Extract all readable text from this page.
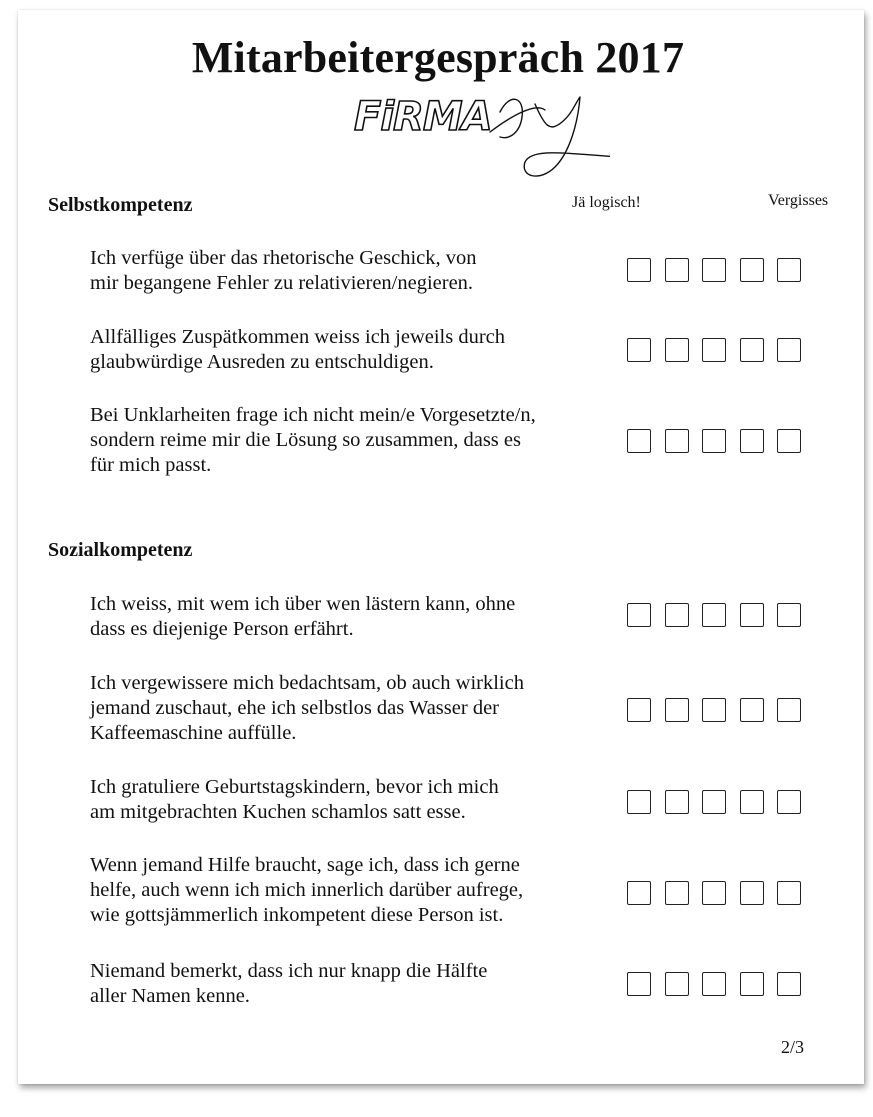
Mitarbeitergespräch 2017
FiRMA
xy
Selbstkompetenz	Jä logisch!	Vergisses
Ich verfüge über das rhetorische Geschick, von
mir begangene Fehler zu relativieren/negieren.
Allfälliges Zuspätkommen weiss ich jeweils durch
glaubwürdige Ausreden zu entschuldigen.
Bei Unklarheiten frage ich nicht mein/e Vorgesetzte/n,
sondern reime mir die Lösung so zusammen, dass es
für mich passt.
Sozialkompetenz
Ich weiss, mit wem ich über wen lästern kann, ohne
dass es diejenige Person erfährt.
Ich vergewissere mich bedachtsam, ob auch wirklich
jemand zuschaut, ehe ich selbstlos das Wasser der
Kaffeemaschine auffülle.
Ich gratuliere Geburtstagskindern, bevor ich mich
am mitgebrachten Kuchen schamlos satt esse.
Wenn jemand Hilfe braucht, sage ich, dass ich gerne
helfe, auch wenn ich mich innerlich darüber aufrege,
wie gottsjämmerlich inkompetent diese Person ist.
Niemand bemerkt, dass ich nur knapp die Hälfte
aller Namen kenne.
2/3
